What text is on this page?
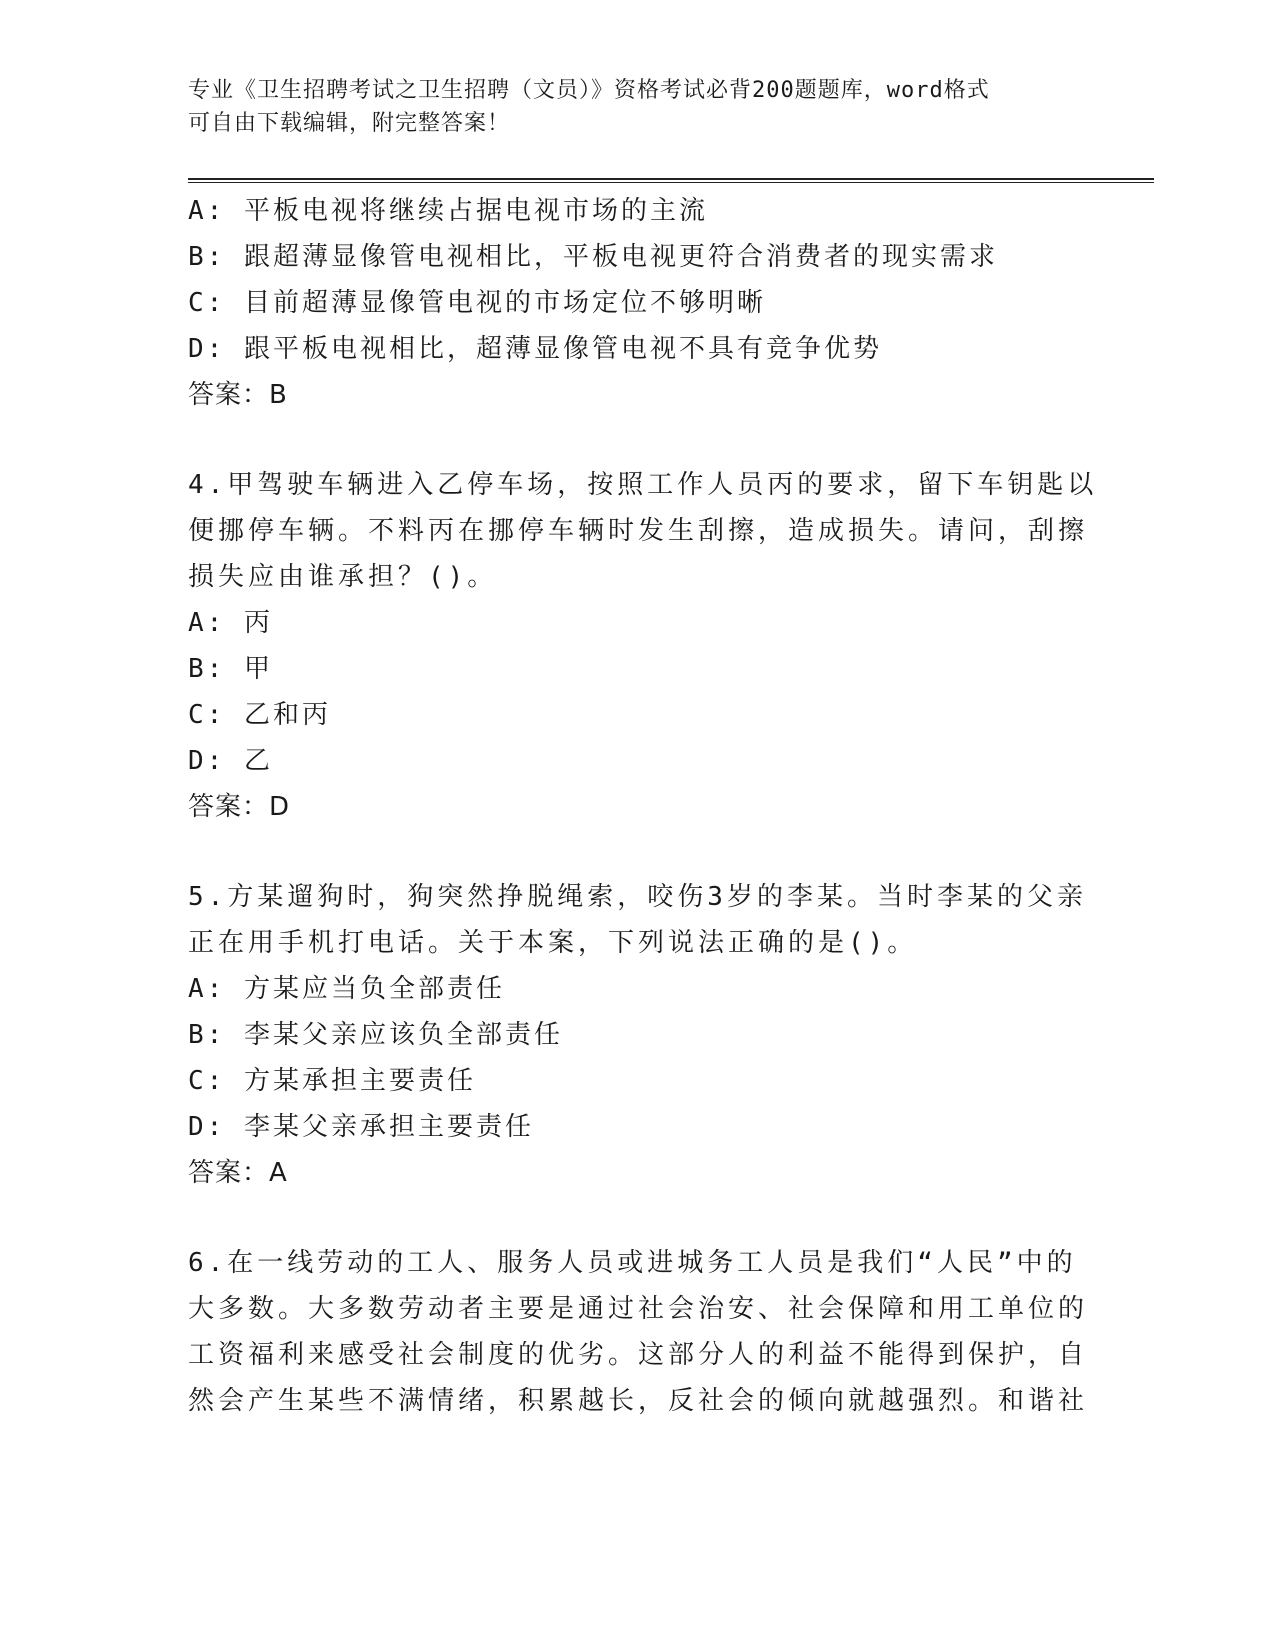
专业《卫生招聘考试之卫生招聘（文员）》资格考试必背200题题库，word格式
可自由下载编辑，附完整答案！
A: 平板电视将继续占据电视市场的主流
B: 跟超薄显像管电视相比，平板电视更符合消费者的现实需求
C: 目前超薄显像管电视的市场定位不够明晰
D: 跟平板电视相比，超薄显像管电视不具有竞争优势
答案：B
4.甲驾驶车辆进入乙停车场，按照工作人员丙的要求，留下车钥匙以
便挪停车辆。不料丙在挪停车辆时发生刮擦，造成损失。请问，刮擦
损失应由谁承担？()。
A: 丙
B: 甲
C: 乙和丙
D: 乙
答案：D
5.方某遛狗时，狗突然挣脱绳索，咬伤3岁的李某。当时李某的父亲
正在用手机打电话。关于本案，下列说法正确的是()。
A: 方某应当负全部责任
B: 李某父亲应该负全部责任
C: 方某承担主要责任
D: 李某父亲承担主要责任
答案：A
6.在一线劳动的工人、服务人员或进城务工人员是我们“人民”中的
大多数。大多数劳动者主要是通过社会治安、社会保障和用工单位的
工资福利来感受社会制度的优劣。这部分人的利益不能得到保护，自
然会产生某些不满情绪，积累越长，反社会的倾向就越强烈。和谐社
